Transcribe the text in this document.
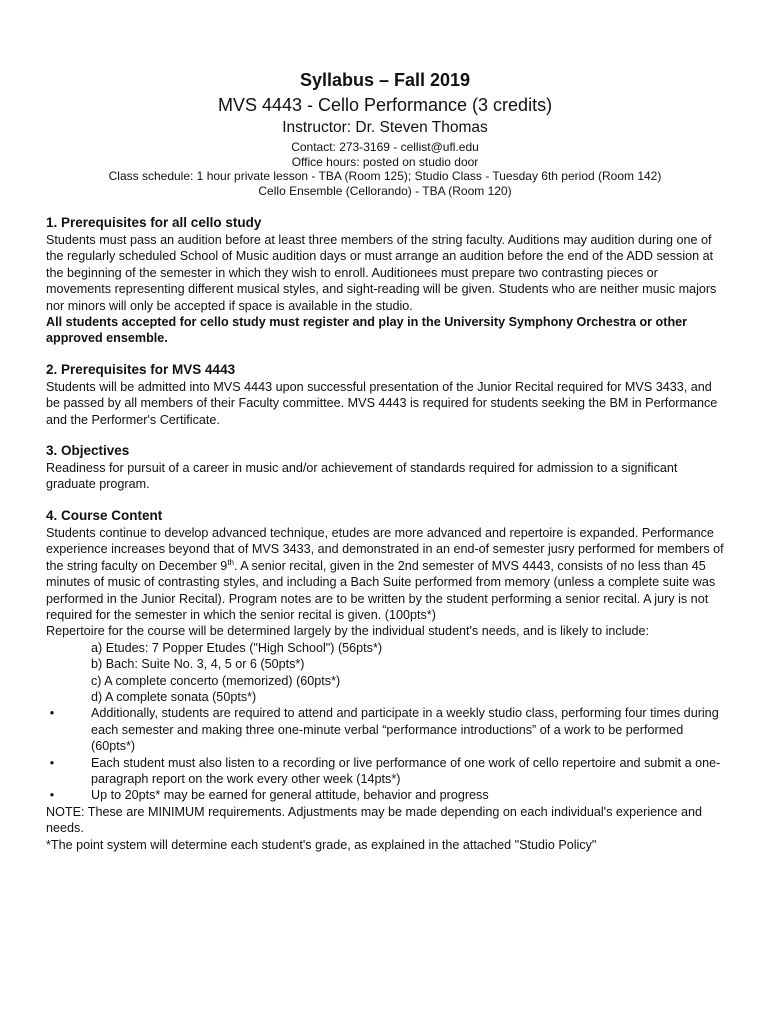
Syllabus – Fall 2019
MVS 4443 - Cello Performance (3 credits)
Instructor: Dr. Steven Thomas
Contact: 273-3169 - cellist@ufl.edu
Office hours: posted on studio door
Class schedule: 1 hour private lesson - TBA (Room 125); Studio Class - Tuesday 6th period (Room 142)
Cello Ensemble (Cellorando) - TBA (Room 120)
1. Prerequisites for all cello study

Students must pass an audition before at least three members of the string faculty. Auditions may audition during one of the regularly scheduled School of Music audition days or must arrange an audition before the end of the ADD session at the beginning of the semester in which they wish to enroll. Auditionees must prepare two contrasting pieces or movements representing different musical styles, and sight-reading will be given. Students who are neither music majors nor minors will only be accepted if space is available in the studio.

All students accepted for cello study must register and play in the University Symphony Orchestra or other approved ensemble.

2. Prerequisites for MVS 4443

Students will be admitted into MVS 4443 upon successful presentation of the Junior Recital required for MVS 3433, and be passed by all members of their Faculty committee. MVS 4443 is required for students seeking the BM in Performance and the Performer's Certificate.

3. Objectives

Readiness for pursuit of a career in music and/or achievement of standards required for admission to a significant graduate program.

4. Course Content

Students continue to develop advanced technique, etudes are more advanced and repertoire is expanded. Performance experience increases beyond that of MVS 3433, and demonstrated in an end-of semester jusry performed for members of the string faculty on December 9th. A senior recital, given in the 2nd semester of MVS 4443, consists of no less than 45 minutes of music of contrasting styles, and including a Bach Suite performed from memory (unless a complete suite was performed in the Junior Recital). Program notes are to be written by the student performing a senior recital. A jury is not required for the semester in which the senior recital is given. (100pts*)

Repertoire for the course will be determined largely by the individual student's needs, and is likely to include:

a) Etudes: 7 Popper Etudes ("High School") (56pts*)
b) Bach: Suite No. 3, 4, 5 or 6 (50pts*)
c) A complete concerto (memorized) (60pts*)
d) A complete sonata (50pts*)
•	Additionally, students are required to attend and participate in a weekly studio class, performing four times during each semester and making three one-minute verbal “performance introductions” of a work to be performed (60pts*)
•	Each student must also listen to a recording or live performance of one work of cello repertoire and submit a one-paragraph report on the work every other week (14pts*)
•	Up to 20pts* may be earned for general attitude, behavior and progress

NOTE: These are MINIMUM requirements. Adjustments may be made depending on each individual's experience and needs.

*The point system will determine each student's grade, as explained in the attached "Studio Policy"
